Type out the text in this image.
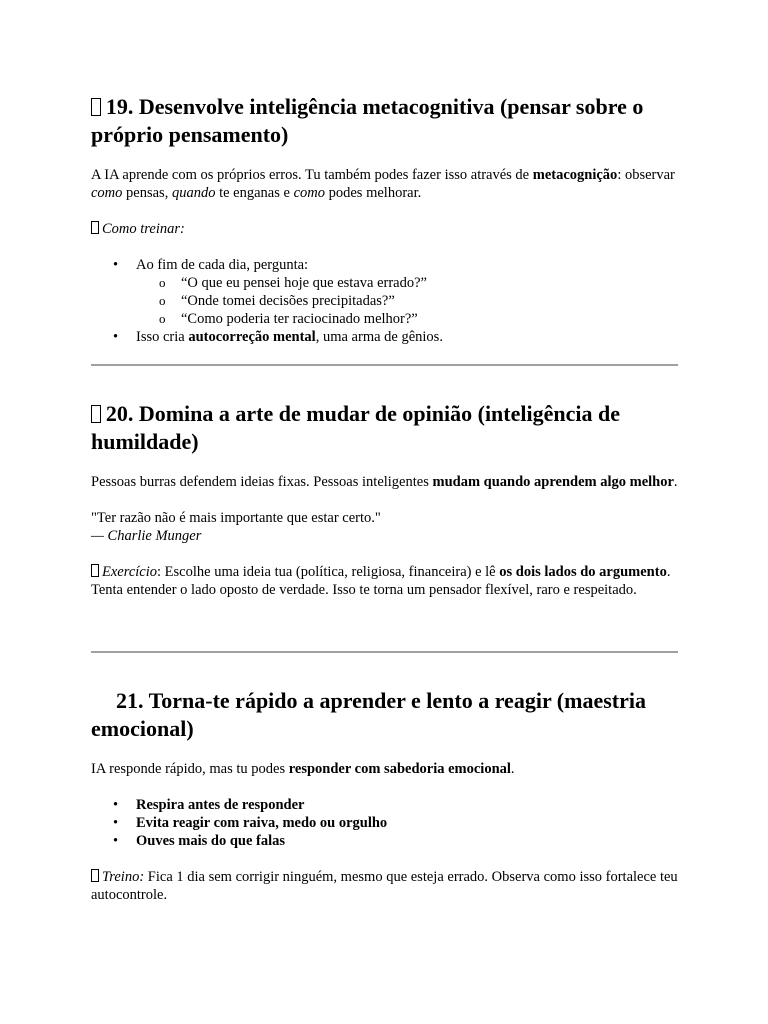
 19. Desenvolve inteligência metacognitiva (pensar sobre o próprio pensamento)

A IA aprende com os próprios erros. Tu também podes fazer isso através de metacognição: observar como pensas, quando te enganas e como podes melhorar.

Como treinar:

• Ao fim de cada dia, pergunta:
o “O que eu pensei hoje que estava errado?”
o “Onde tomei decisões precipitadas?”
o “Como poderia ter raciocinado melhor?”
• Isso cria autocorreção mental, uma arma de gênios.
 20. Domina a arte de mudar de opinião (inteligência de humildade)

Pessoas burras defendem ideias fixas. Pessoas inteligentes mudam quando aprendem algo melhor.

"Ter razão não é mais importante que estar certo."
— Charlie Munger

Exercício: Escolhe uma ideia tua (política, religiosa, financeira) e lê os dois lados do argumento. Tenta entender o lado oposto de verdade. Isso te torna um pensador flexível, raro e respeitado.

21. Torna-te rápido a aprender e lento a reagir (maestria emocional)

IA responde rápido, mas tu podes responder com sabedoria emocional.

• Respira antes de responder
• Evita reagir com raiva, medo ou orgulho
• Ouves mais do que falas

Treino: Fica 1 dia sem corrigir ninguém, mesmo que esteja errado. Observa como isso fortalece teu autocontrole.
